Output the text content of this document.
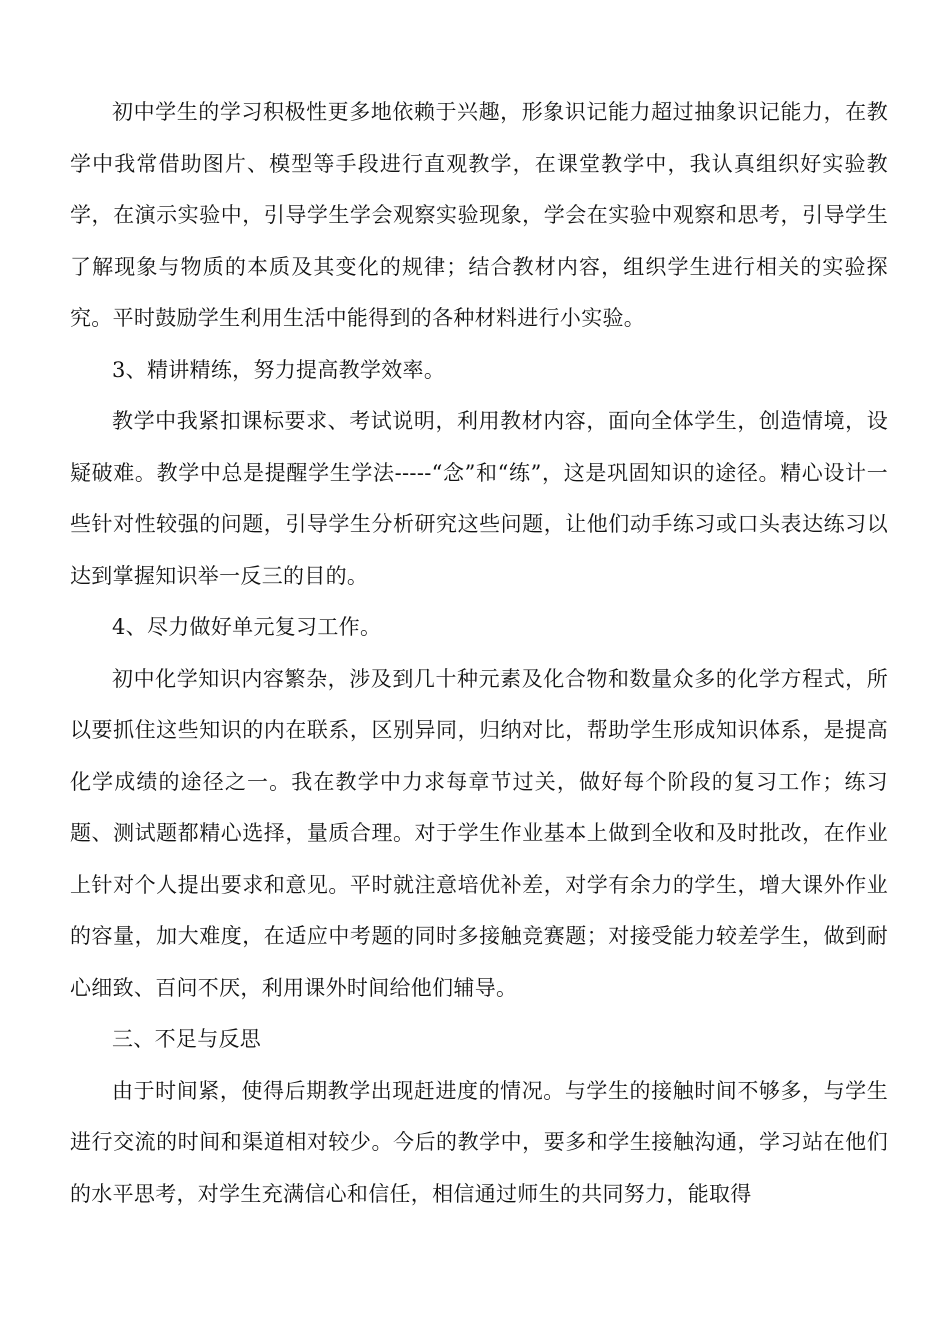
初中学生的学习积极性更多地依赖于兴趣，形象识记能力超过抽象识记能力，在教学中我常借助图片、模型等手段进行直观教学，在课堂教学中，我认真组织好实验教学，在演示实验中，引导学生学会观察实验现象，学会在实验中观察和思考，引导学生了解现象与物质的本质及其变化的规律；结合教材内容，组织学生进行相关的实验探究。平时鼓励学生利用生活中能得到的各种材料进行小实验。

3、精讲精练，努力提高教学效率。

教学中我紧扣课标要求、考试说明，利用教材内容，面向全体学生，创造情境，设疑破难。教学中总是提醒学生学法-----“念”和“练”，这是巩固知识的途径。精心设计一些针对性较强的问题，引导学生分析研究这些问题，让他们动手练习或口头表达练习以达到掌握知识举一反三的目的。

4、尽力做好单元复习工作。

初中化学知识内容繁杂，涉及到几十种元素及化合物和数量众多的化学方程式，所以要抓住这些知识的内在联系，区别异同，归纳对比，帮助学生形成知识体系，是提高化学成绩的途径之一。我在教学中力求每章节过关，做好每个阶段的复习工作；练习题、测试题都精心选择，量质合理。对于学生作业基本上做到全收和及时批改，在作业上针对个人提出要求和意见。平时就注意培优补差，对学有余力的学生，增大课外作业的容量，加大难度，在适应中考题的同时多接触竞赛题；对接受能力较差学生，做到耐心细致、百问不厌，利用课外时间给他们辅导。

三、不足与反思

由于时间紧，使得后期教学出现赶进度的情况。与学生的接触时间不够多，与学生进行交流的时间和渠道相对较少。今后的教学中，要多和学生接触沟通，学习站在他们的水平思考，对学生充满信心和信任，相信通过师生的共同努力，能取得
